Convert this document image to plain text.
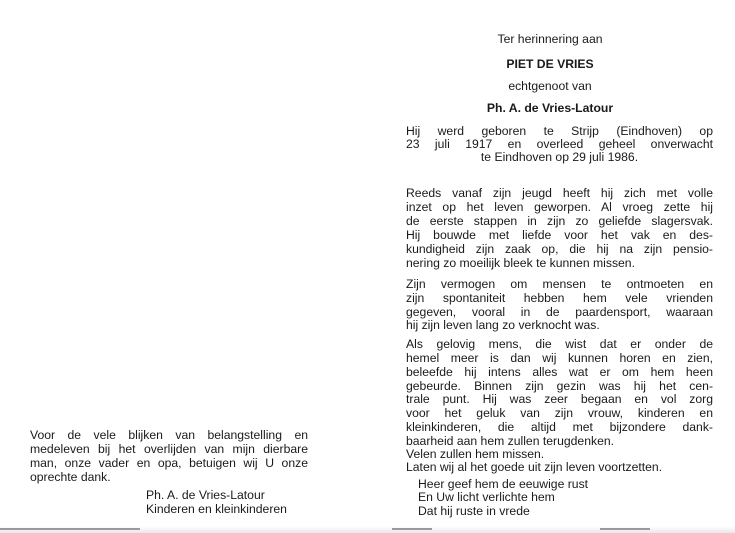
Ter herinnering aan
PIET DE VRIES
echtgenoot van
Ph. A. de Vries-Latour
Hij werd geboren te Strijp (Eindhoven) op
23 juli 1917 en overleed geheel onverwacht
te Eindhoven op 29 juli 1986.
Reeds vanaf zijn jeugd heeft hij zich met volle
inzet op het leven geworpen. Al vroeg zette hij
de eerste stappen in zijn zo geliefde slagersvak.
Hij bouwde met liefde voor het vak en des-
kundigheid zijn zaak op, die hij na zijn pensio-
nering zo moeilijk bleek te kunnen missen.
Zijn vermogen om mensen te ontmoeten en
zijn spontaniteit hebben hem vele vrienden
gegeven, vooral in de paardensport, waaraan
hij zijn leven lang zo verknocht was.
Als gelovig mens, die wist dat er onder de
hemel meer is dan wij kunnen horen en zien,
beleefde hij intens alles wat er om hem heen
gebeurde. Binnen zijn gezin was hij het cen-
trale punt. Hij was zeer begaan en vol zorg
voor het geluk van zijn vrouw, kinderen en
kleinkinderen, die altijd met bijzondere dank-
baarheid aan hem zullen terugdenken.
Velen zullen hem missen.
Laten wij al het goede uit zijn leven voortzetten.
Heer geef hem de eeuwige rust
En Uw licht verlichte hem
Dat hij ruste in vrede
Voor de vele blijken van belangstelling en
medeleven bij het overlijden van mijn dierbare
man, onze vader en opa, betuigen wij U onze
oprechte dank.
Ph. A. de Vries-Latour
Kinderen en kleinkinderen
